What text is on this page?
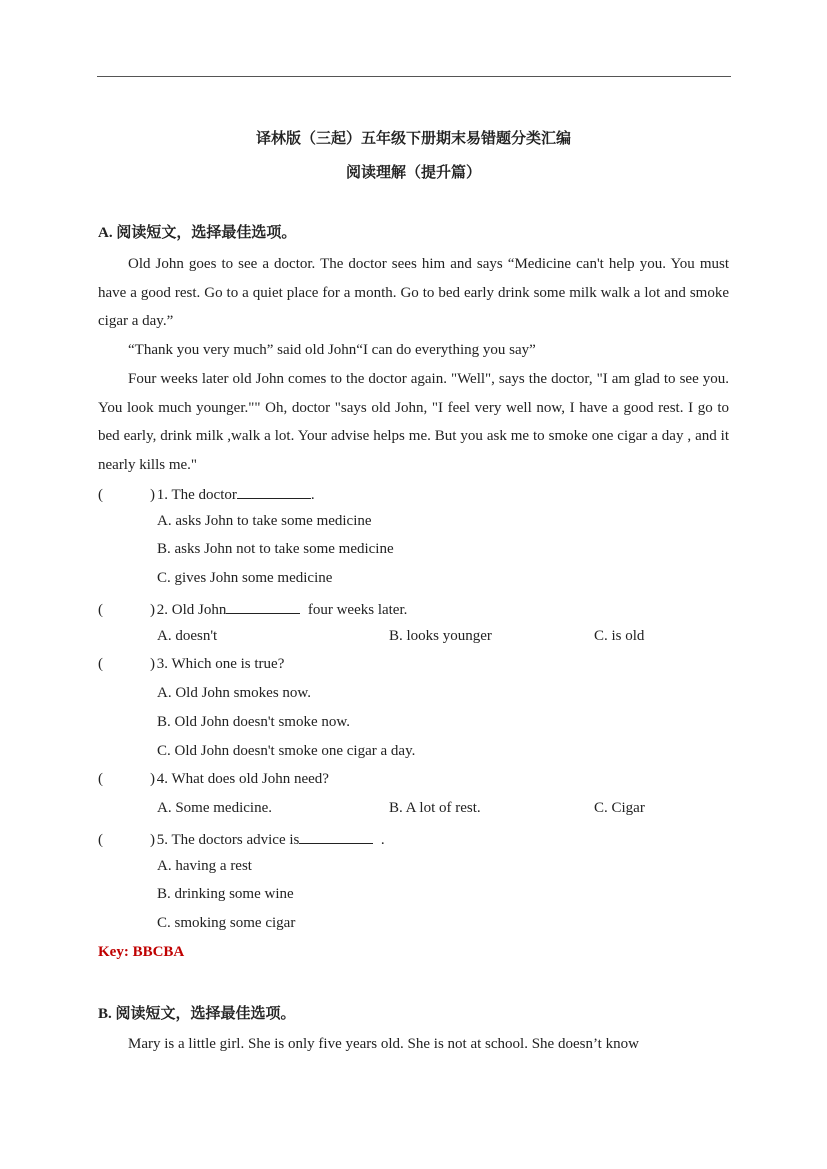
译林版（三起）五年级下册期末易错题分类汇编
阅读理解（提升篇）
A. 阅读短文，选择最佳选项。

Old John goes to see a doctor. The doctor sees him and says “Medicine can't help you. You must have a good rest. Go to a quiet place for a month. Go to bed early drink some milk walk a lot and smoke cigar a day.”

“Thank you very much” said old John“I can do everything you say”

Four weeks later old John comes to the doctor again. "Well", says the doctor, "I am glad to see you. You look much younger."" Oh, doctor "says old John, "I feel very well now, I have a good rest. I go to bed early, drink milk ,walk a lot. Your advise helps me. But you ask me to smoke one cigar a day , and it nearly kills me."

(	) 1. The doctor	.
A. asks John to take some medicine
B. asks John not to take some medicine
C. gives John some medicine
(	) 2. Old John	four weeks later.
A. doesn't	B. looks younger	C. is old
(	) 3. Which one is true?
A. Old John smokes now.
B. Old John doesn't smoke now.
C. Old John doesn't smoke one cigar a day.
(	) 4. What does old John need?
A. Some medicine.	B. A lot of rest.	C. Cigar
(	) 5. The doctors advice is	.
A. having a rest
B. drinking some wine
C. smoking some cigar
Key: BBCBA
B. 阅读短文，选择最佳选项。

Mary is a little girl. She is only five years old. She is not at school. She doesn’t know
